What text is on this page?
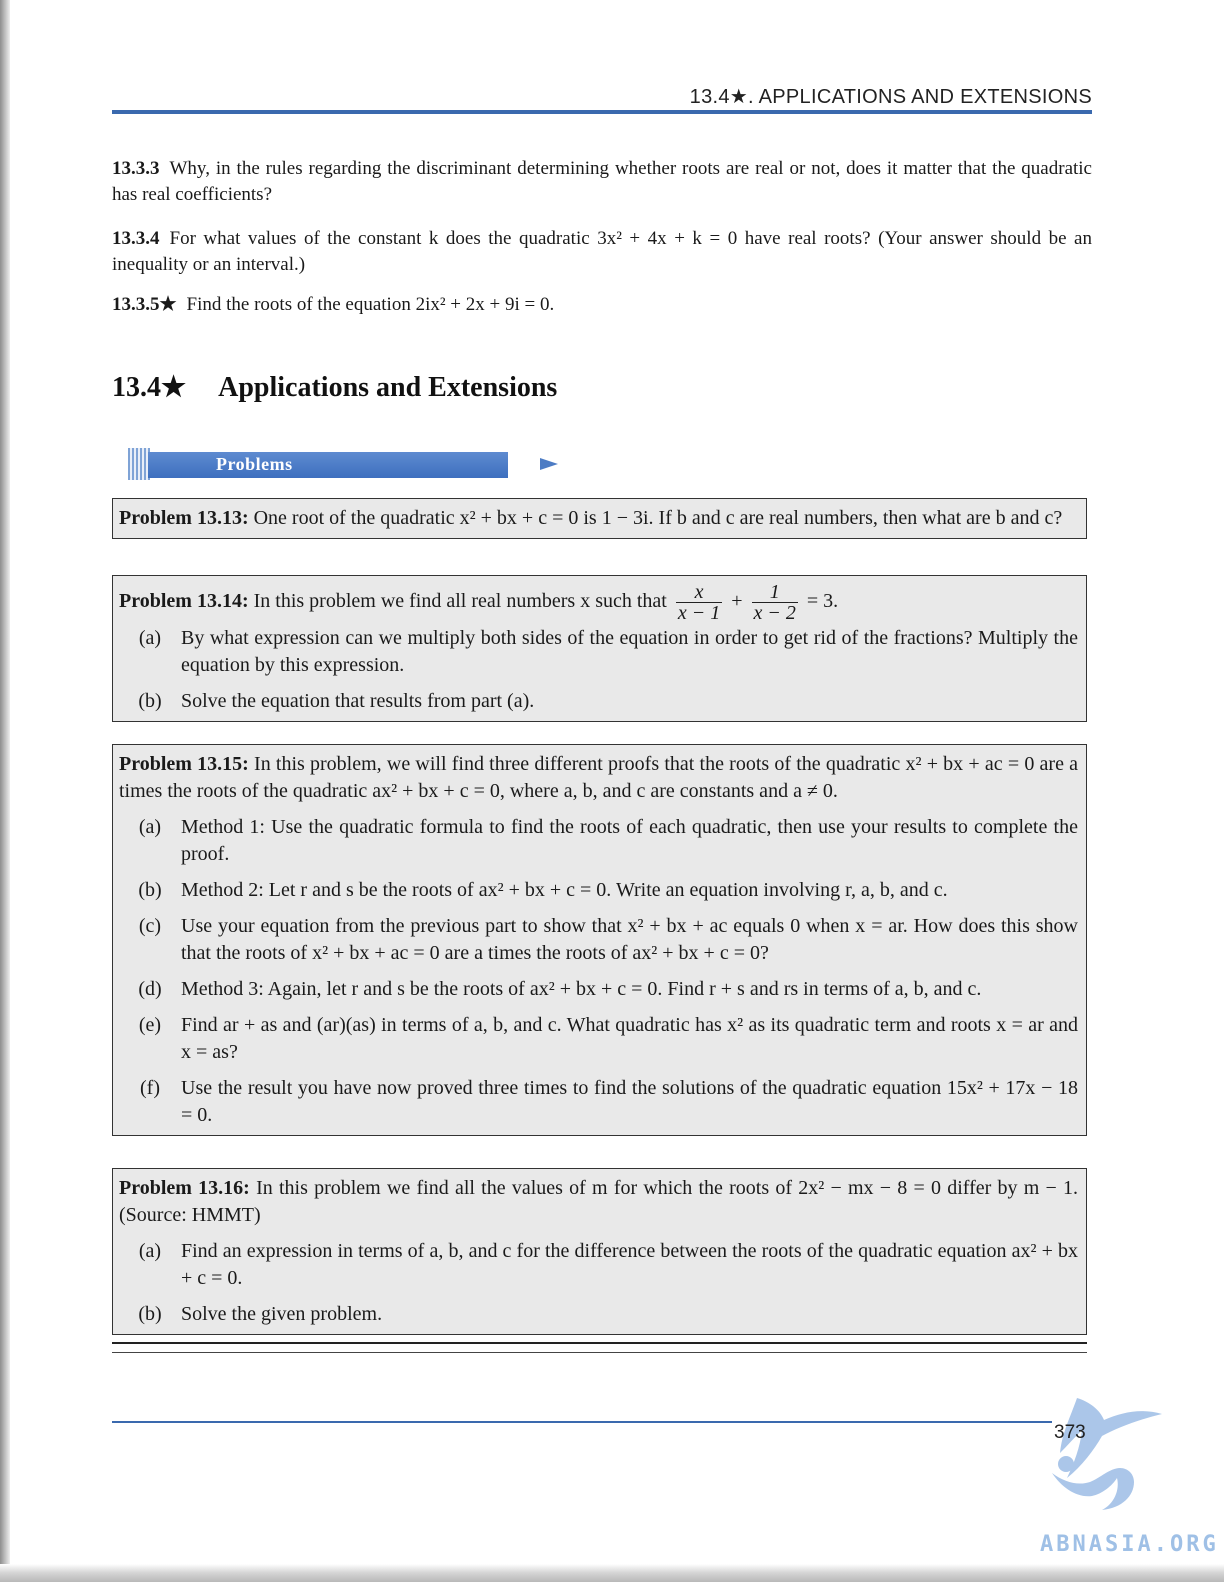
13.4★. APPLICATIONS AND EXTENSIONS
13.3.3 Why, in the rules regarding the discriminant determining whether roots are real or not, does it matter that the quadratic has real coefficients?
13.3.4 For what values of the constant k does the quadratic 3x² + 4x + k = 0 have real roots? (Your answer should be an inequality or an interval.)
13.3.5★ Find the roots of the equation 2ix² + 2x + 9i = 0.
13.4★ Applications and Extensions
Problems
Problem 13.13: One root of the quadratic x² + bx + c = 0 is 1 − 3i. If b and c are real numbers, then what are b and c?
Problem 13.14: In this problem we find all real numbers x such that $\frac{x}{x - 1} + \frac{1}{x - 2} = 3$.
(a) By what expression can we multiply both sides of the equation in order to get rid of the fractions? Multiply the equation by this expression.
(b) Solve the equation that results from part (a).
Problem 13.15: In this problem, we will find three different proofs that the roots of the quadratic x² + bx + ac = 0 are a times the roots of the quadratic ax² + bx + c = 0, where a, b, and c are constants and a ≠ 0.
(a) Method 1: Use the quadratic formula to find the roots of each quadratic, then use your results to complete the proof.
(b) Method 2: Let r and s be the roots of ax² + bx + c = 0. Write an equation involving r, a, b, and c.
(c) Use your equation from the previous part to show that x² + bx + ac equals 0 when x = ar. How does this show that the roots of x² + bx + ac = 0 are a times the roots of ax² + bx + c = 0?
(d) Method 3: Again, let r and s be the roots of ax² + bx + c = 0. Find r + s and rs in terms of a, b, and c.
(e) Find ar + as and (ar)(as) in terms of a, b, and c. What quadratic has x² as its quadratic term and roots x = ar and x = as?
(f)	Use the result you have now proved three times to find the solutions of the quadratic equation 15x² + 17x − 18 = 0.
Problem 13.16: In this problem we find all the values of m for which the roots of 2x² − mx − 8 = 0 differ by m − 1. (Source: HMMT)
(a) Find an expression in terms of a, b, and c for the difference between the roots of the quadratic equation ax² + bx + c = 0.
(b) Solve the given problem.
373
ABNASIA.ORG
